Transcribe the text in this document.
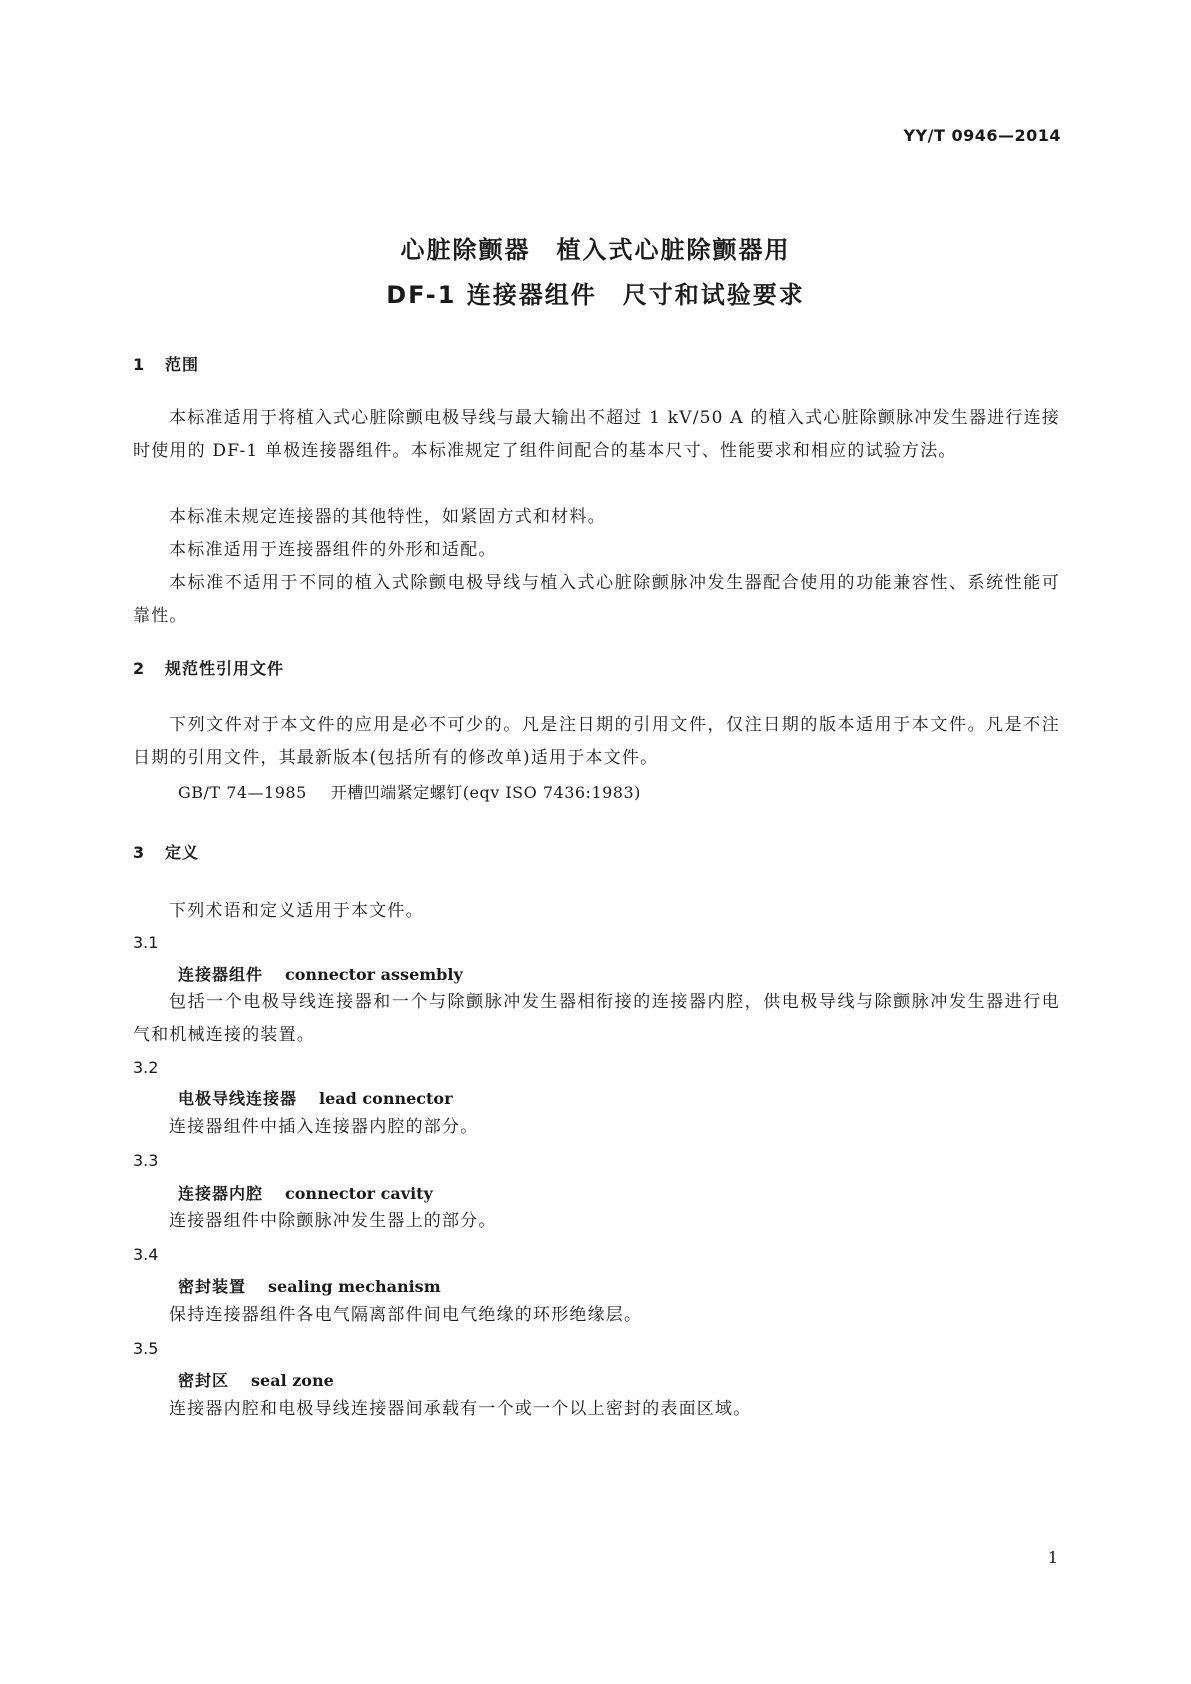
YY/T 0946—2014
心脏除颤器　植入式心脏除颤器用
DF-1 连接器组件　尺寸和试验要求
1 范围

本标准适用于将植入式心脏除颤电极导线与最大输出不超过 1 kV/50 A 的植入式心脏除颤脉冲发生器进行连接时使用的 DF-1 单极连接器组件。本标准规定了组件间配合的基本尺寸、性能要求和相应的试验方法。

本标准未规定连接器的其他特性，如紧固方式和材料。

本标准适用于连接器组件的外形和适配。

本标准不适用于不同的植入式除颤电极导线与植入式心脏除颤脉冲发生器配合使用的功能兼容性、系统性能可靠性。

2 规范性引用文件

下列文件对于本文件的应用是必不可少的。凡是注日期的引用文件，仅注日期的版本适用于本文件。凡是不注日期的引用文件，其最新版本(包括所有的修改单)适用于本文件。

GB/T 74—1985 开槽凹端紧定螺钉(eqv ISO 7436:1983)
3 定义

下列术语和定义适用于本文件。

3.1
连接器组件 connector assembly

包括一个电极导线连接器和一个与除颤脉冲发生器相衔接的连接器内腔，供电极导线与除颤脉冲发生器进行电气和机械连接的装置。

3.2
电极导线连接器 lead connector

连接器组件中插入连接器内腔的部分。

3.3
连接器内腔 connector cavity

连接器组件中除颤脉冲发生器上的部分。

3.4
密封装置 sealing mechanism

保持连接器组件各电气隔离部件间电气绝缘的环形绝缘层。

3.5
密封区 seal zone

连接器内腔和电极导线连接器间承载有一个或一个以上密封的表面区域。

1
